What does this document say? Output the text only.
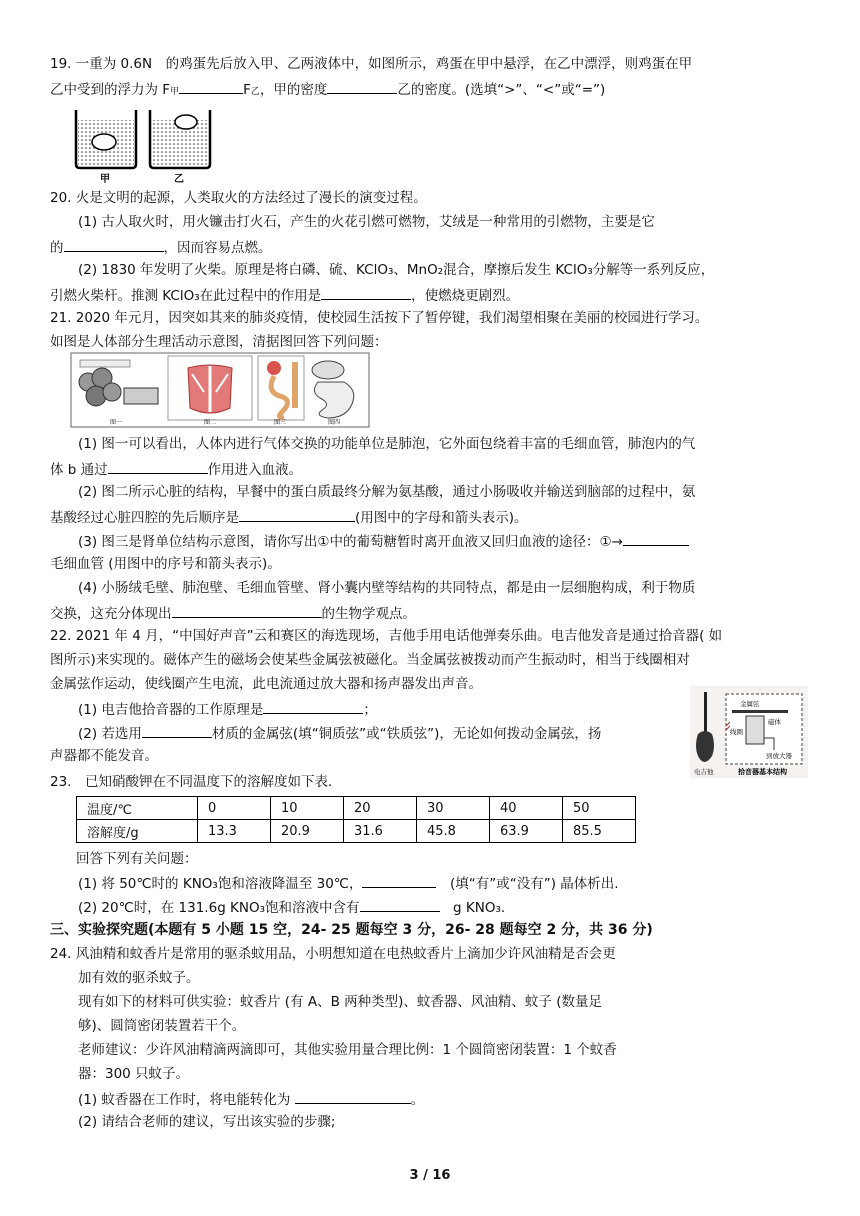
19. 一重为 0.6N　的鸡蛋先后放入甲、乙两液体中，如图所示，鸡蛋在甲中悬浮，在乙中漂浮，则鸡蛋在甲
乙中受到的浮力为 F甲	F乙，甲的密度	乙的密度。(选填“>”、“<”或“=”)
甲	乙
20. 火是文明的起源，人类取火的方法经过了漫长的演变过程。
(1) 古人取火时，用火镰击打火石，产生的火花引燃可燃物，艾绒是一种常用的引燃物，主要是它
的	，因而容易点燃。
(2) 1830 年发明了火柴。原理是将白磷、硫、KClO₃、MnO₂混合，摩擦后发生 KClO₃分解等一系列反应，
引燃火柴杆。推测 KClO₃在此过程中的作用是	，使燃烧更剧烈。
21. 2020 年元月，因突如其来的肺炎疫情，使校园生活按下了暂停键，我们渴望相聚在美丽的校园进行学习。
如图是人体部分生理活动示意图，清据图回答下列问题：
图一	图二	图三	图四
(1) 图一可以看出，人体内进行气体交换的功能单位是肺泡，它外面包绕着丰富的毛细血管，肺泡内的气
体 b 通过	作用进入血液。
(2) 图二所示心脏的结构，早餐中的蛋白质最终分解为氨基酸，通过小肠吸收并输送到脑部的过程中，氨
基酸经过心脏四腔的先后顺序是	(用图中的字母和箭头表示)。
(3) 图三是肾单位结构示意图，请你写出①中的葡萄糖暂时离开血液又回归血液的途径：①→
毛细血管 (用图中的序号和箭头表示)。
(4) 小肠绒毛壁、肺泡壁、毛细血管壁、肾小囊内壁等结构的共同特点，都是由一层细胞构成，利于物质
交换，这充分体现出	的生物学观点。
22. 2021 年 4 月，“中国好声音”云和赛区的海选现场，吉他手用电话他弹奏乐曲。电吉他发音是通过拾音器( 如
图所示)来实现的。磁体产生的磁场会使某些金属弦被磁化。当金属弦被拨动而产生振动时，相当于线圈相对
金属弦作运动，使线圈产生电流，此电流通过放大器和扬声器发出声音。
(1) 电吉他拾音器的工作原理是	；
(2) 若选用	材质的金属弦(填“铜质弦”或“铁质弦”)，无论如何拨动金属弦，扬
声器都不能发音。
金属弦
磁体
线圈
到放大器
电吉他	拾音器基本结构
23.　已知硝酸钾在不同温度下的溶解度如下表.
温度/℃	0	10	20	30	40	50
溶解度/g	13.3	20.9	31.6	45.8	63.9	85.5
回答下列有关问题：
(1) 将 50℃时的 KNO₃饱和溶液降温至 30℃，　	(填“有”或“没有”) 晶体析出.
(2) 20℃时，在 131.6g KNO₃饱和溶液中含有　	g KNO₃.
三、实验探究题(本题有 5 小题 15 空，24- 25 题每空 3 分，26- 28 题每空 2 分，共 36 分)
24. 风油精和蚊香片是常用的驱杀蚊用品，小明想知道在电热蚊香片上滴加少许风油精是否会更
加有效的驱杀蚊子。
现有如下的材料可供实验：蚊香片 (有 A、B 两种类型)、蚊香器、风油精、蚊子 (数量足
够)、圆筒密闭装置若干个。
老师建议：少许风油精滴两滴即可，其他实验用量合理比例：1 个圆筒密闭装置：1 个蚊香
器：300 只蚊子。
(1) 蚊香器在工作时，将电能转化为	。
(2) 请结合老师的建议，写出该实验的步骤;
3 / 16
